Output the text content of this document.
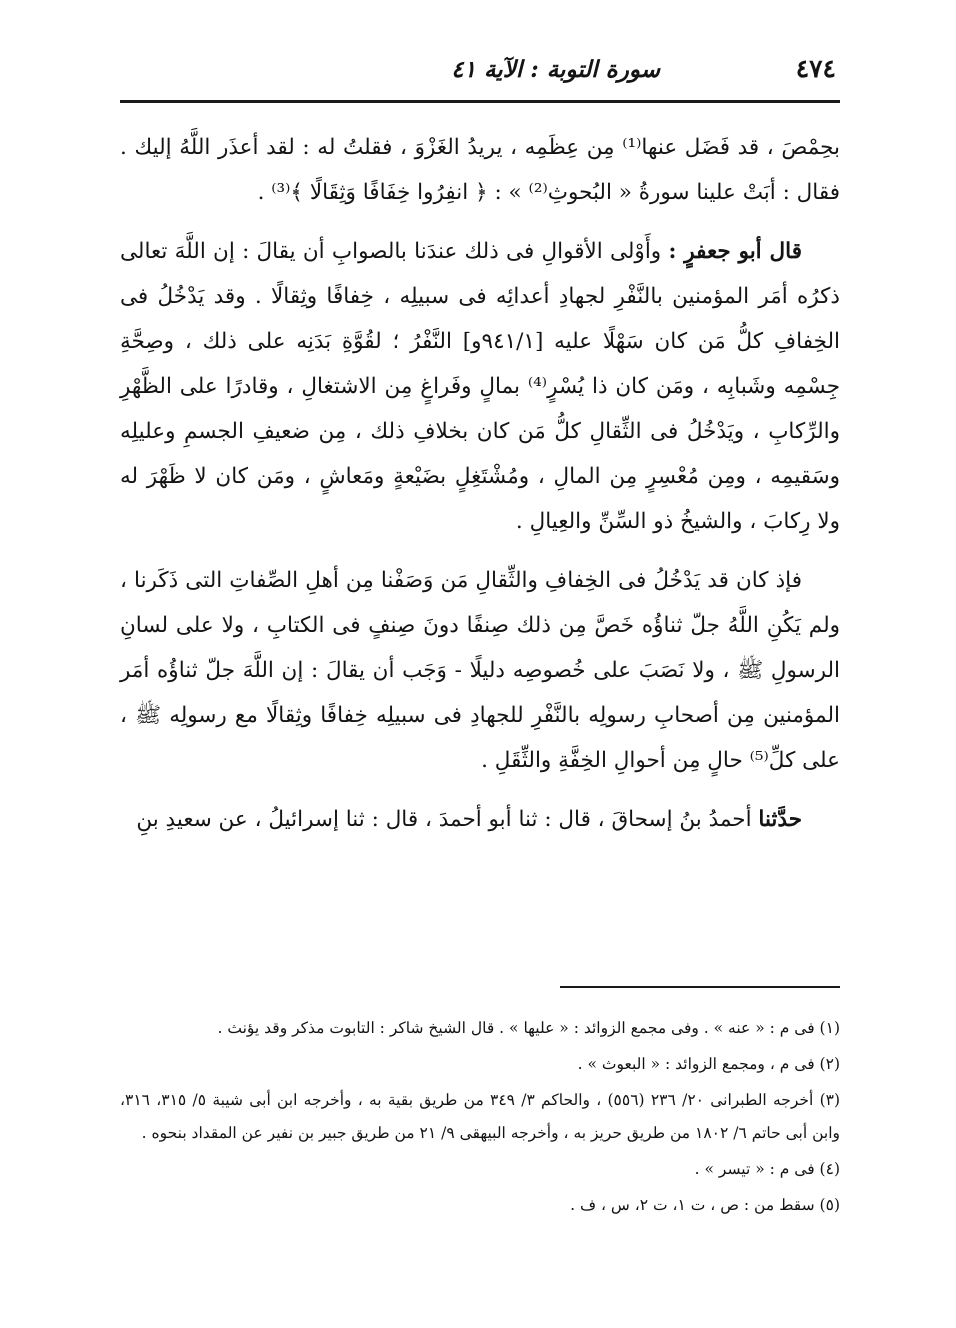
٤٧٤
سورة التوبة : الآية ٤١

بحِمْصَ ، قد فَضَل عنها⁽¹⁾ مِن عِظَمِه ، يريدُ الغَزْوَ ، فقلتُ له : لقد أعذَر اللَّهُ إليك . فقال : أبَتْ علينا سورةُ « البُحوثِ⁽²⁾ » : ﴿ انفِرُوا خِفَافًا وَثِقَالًا ﴾⁽³⁾ .

قال أبو جعفرٍ : وأَوْلى الأقوالِ فى ذلك عندَنا بالصوابِ أن يقالَ : إن اللَّهَ تعالى ذكرُه أمَر المؤمنين بالنَّفْرِ لجهادِ أعدائِه فى سبيلِه ، خِفافًا وثِقالًا . وقد يَدْخُلُ فى الخِفافِ كلُّ مَن كان سَهْلًا عليه [٩٤١/١و] النَّفْرُ ؛ لقُوَّةِ بَدَنِه على ذلك ، وصِحَّةِ جِسْمِه وشَبابِه ، ومَن كان ذا يُسْرٍ⁽⁴⁾ بمالٍ وفَراغٍ مِن الاشتغالِ ، وقادرًا على الظَّهْرِ والرِّكابِ ، ويَدْخُلُ فى الثِّقالِ كلُّ مَن كان بخلافِ ذلك ، مِن ضعيفِ الجسمِ وعليلِه وسَقيمِه ، ومِن مُعْسِرٍ مِن المالِ ، ومُشْتَغِلٍ بضَيْعةٍ ومَعاشٍ ، ومَن كان لا ظَهْرَ له ولا رِكابَ ، والشيخُ ذو السِّنِّ والعِيالِ .

فإذ كان قد يَدْخُلُ فى الخِفافِ والثِّقالِ مَن وَصَفْنا مِن أهلِ الصِّفاتِ التى ذَكَرنا ، ولم يَكُنِ اللَّهُ جلّ ثناؤُه خَصَّ مِن ذلك صِنفًا دونَ صِنفٍ فى الكتابِ ، ولا على لسانِ الرسولِ ﷺ ، ولا نَصَبَ على خُصوصِه دليلًا - وَجَب أن يقالَ : إن اللَّهَ جلّ ثناؤُه أمَر المؤمنين مِن أصحابِ رسولِه بالنَّفْرِ للجهادِ فى سبيلِه خِفافًا وثِقالًا مع رسولِه ﷺ ، على كلِّ⁽⁵⁾ حالٍ مِن أحوالِ الخِفَّةِ والثِّقَلِ .

حدَّثنا أحمدُ بنُ إسحاقَ ، قال : ثنا أبو أحمدَ ، قال : ثنا إسرائيلُ ، عن سعيدِ بنِ

(١) فى م : « عنه » . وفى مجمع الزوائد : « عليها » . قال الشيخ شاكر : التابوت مذكر وقد يؤنث .

(٢) فى م ، ومجمع الزوائد : « البعوث » .

(٣) أخرجه الطبرانى ٢٠/ ٢٣٦ (٥٥٦) ، والحاكم ٣/ ٣٤٩ من طريق بقية به ، وأخرجه ابن أبى شيبة ٥/ ٣١٥، ٣١٦، وابن أبى حاتم ٦/ ١٨٠٢ من طريق حريز به ، وأخرجه البيهقى ٩/ ٢١ من طريق جبير بن نفير عن المقداد بنحوه .

(٤) فى م : « تيسر » .

(٥) سقط من : ص ، ت ١، ت ٢، س ، ف .
